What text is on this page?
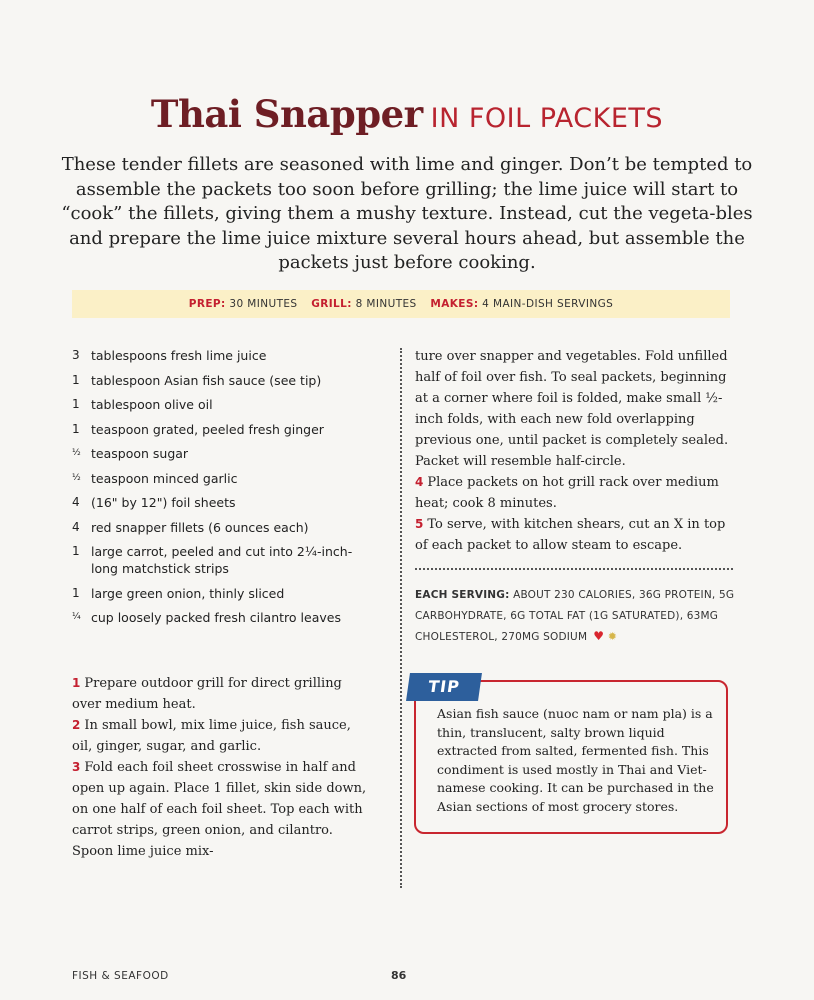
Thai Snapper IN FOIL PACKETS
These tender fillets are seasoned with lime and ginger. Don’t be tempted to assemble the packets too soon before grilling; the lime juice will start to “cook” the fillets, giving them a mushy texture. Instead, cut the vegeta-bles and prepare the lime juice mixture several hours ahead, but assemble the packets just before cooking.
PREP: 30 MINUTES GRILL: 8 MINUTES MAKES: 4 MAIN-DISH SERVINGS
3 tablespoons fresh lime juice
1 tablespoon Asian fish sauce (see tip)
1 tablespoon olive oil
1 teaspoon grated, peeled fresh ginger
½ teaspoon sugar
½ teaspoon minced garlic
4 (16" by 12") foil sheets
4 red snapper fillets (6 ounces each)
1 large carrot, peeled and cut into 2¼-inch-long matchstick strips
1 large green onion, thinly sliced
¼ cup loosely packed fresh cilantro leaves
1 Prepare outdoor grill for direct grilling over medium heat.
2 In small bowl, mix lime juice, fish sauce, oil, ginger, sugar, and garlic.
3 Fold each foil sheet crosswise in half and open up again. Place 1 fillet, skin side down, on one half of each foil sheet. Top each with carrot strips, green onion, and cilantro. Spoon lime juice mix-
ture over snapper and vegetables. Fold unfilled half of foil over fish. To seal packets, beginning at a corner where foil is folded, make small ½-inch folds, with each new fold overlapping previous one, until packet is completely sealed. Packet will resemble half-circle.
4 Place packets on hot grill rack over medium heat; cook 8 minutes.
5 To serve, with kitchen shears, cut an X in top of each packet to allow steam to escape.
EACH SERVING: ABOUT 230 CALORIES, 36G PROTEIN, 5G CARBOHYDRATE, 6G TOTAL FAT (1G SATURATED), 63MG CHOLESTEROL, 270MG SODIUM ♥ ✹
TIP
Asian fish sauce (nuoc nam or nam pla) is a thin, translucent, salty brown liquid extracted from salted, fermented fish. This condiment is used mostly in Thai and Viet-namese cooking. It can be purchased in the Asian sections of most grocery stores.
FISH & SEAFOOD	86
